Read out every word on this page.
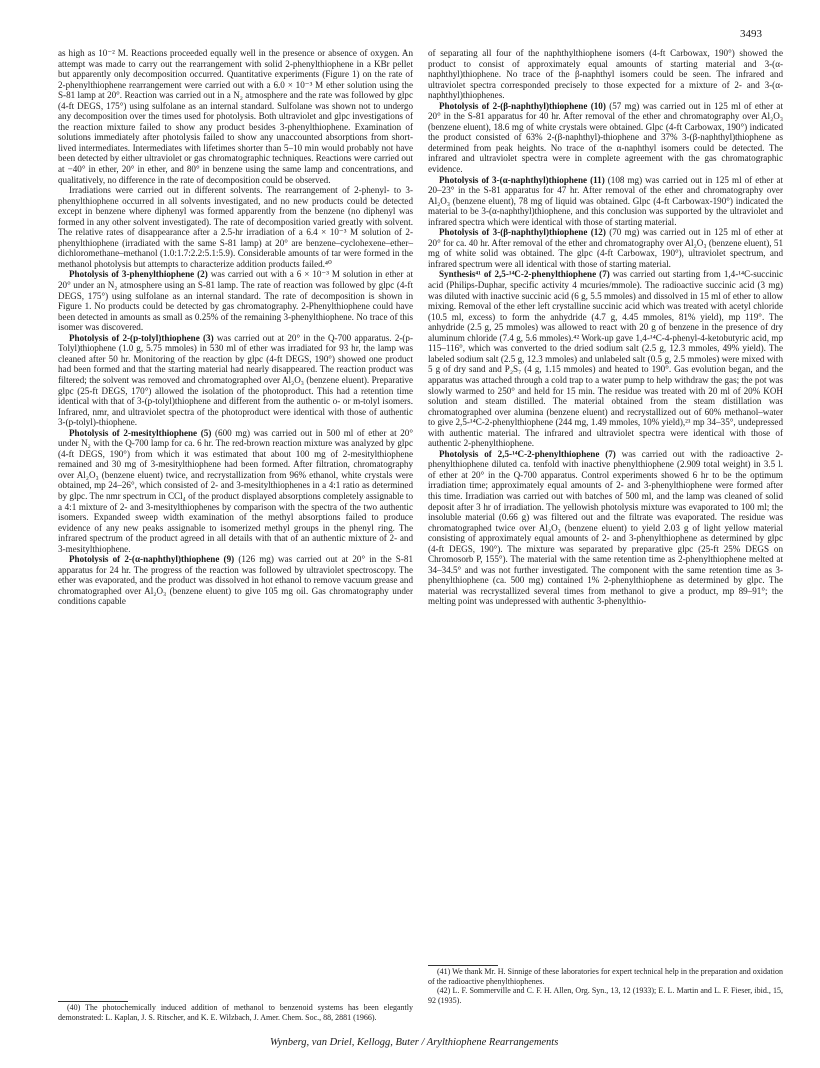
3493

as high as 10⁻² M. Reactions proceeded equally well in the presence or absence of oxygen. An attempt was made to carry out the rearrangement with solid 2-phenylthiophene in a KBr pellet but apparently only decomposition occurred. Quantitative experiments (Figure 1) on the rate of 2-phenylthiophene rearrangement were carried out with a 6.0 × 10⁻³ M ether solution using the S-81 lamp at 20°. Reaction was carried out in a N₂ atmosphere and the rate was followed by glpc (4-ft DEGS, 175°) using sulfolane as an internal standard. Sulfolane was shown not to undergo any decomposition over the times used for photolysis. Both ultraviolet and glpc investigations of the reaction mixture failed to show any product besides 3-phenylthiophene. Examination of solutions immediately after photolysis failed to show any unaccounted absorptions from short-lived intermediates. Intermediates with lifetimes shorter than 5–10 min would probably not have been detected by either ultraviolet or gas chromatographic techniques. Reactions were carried out at −40° in ether, 20° in ether, and 80° in benzene using the same lamp and concentrations, and qualitatively, no difference in the rate of decomposition could be observed.

Irradiations were carried out in different solvents. The rearrangement of 2-phenyl- to 3-phenylthiophene occurred in all solvents investigated, and no new products could be detected except in benzene where diphenyl was formed apparently from the benzene (no diphenyl was formed in any other solvent investigated). The rate of decomposition varied greatly with solvent. The relative rates of disappearance after a 2.5-hr irradiation of a 6.4 × 10⁻³ M solution of 2-phenylthiophene (irradiated with the same S-81 lamp) at 20° are benzene–cyclohexene–ether–dichloromethane–methanol (1.0:1.7:2.2:5.1:5.9). Considerable amounts of tar were formed in the methanol photolysis but attempts to characterize addition products failed.⁴⁰

Photolysis of 3-phenylthiophene (2) was carried out with a 6 × 10⁻³ M solution in ether at 20° under an N₂ atmosphere using an S-81 lamp. The rate of reaction was followed by glpc (4-ft DEGS, 175°) using sulfolane as an internal standard. The rate of decomposition is shown in Figure 1. No products could be detected by gas chromatography. 2-Phenylthiophene could have been detected in amounts as small as 0.25% of the remaining 3-phenylthiophene. No trace of this isomer was discovered.

Photolysis of 2-(p-tolyl)thiophene (3) was carried out at 20° in the Q-700 apparatus. 2-(p-Tolyl)thiophene (1.0 g, 5.75 mmoles) in 530 ml of ether was irradiated for 93 hr, the lamp was cleaned after 50 hr. Monitoring of the reaction by glpc (4-ft DEGS, 190°) showed one product had been formed and that the starting material had nearly disappeared. The reaction product was filtered; the solvent was removed and chromatographed over Al₂O₃ (benzene eluent). Preparative glpc (25-ft DEGS, 170°) allowed the isolation of the photoproduct. This had a retention time identical with that of 3-(p-tolyl)thiophene and different from the authentic o- or m-tolyl isomers. Infrared, nmr, and ultraviolet spectra of the photoproduct were identical with those of authentic 3-(p-tolyl)-thiophene.

Photolysis of 2-mesitylthiophene (5) (600 mg) was carried out in 500 ml of ether at 20° under N₂ with the Q-700 lamp for ca. 6 hr. The red-brown reaction mixture was analyzed by glpc (4-ft DEGS, 190°) from which it was estimated that about 100 mg of 2-mesitylthiophene remained and 30 mg of 3-mesitylthiophene had been formed. After filtration, chromatography over Al₂O₃ (benzene eluent) twice, and recrystallization from 96% ethanol, white crystals were obtained, mp 24–26°, which consisted of 2- and 3-mesitylthiophenes in a 4:1 ratio as determined by glpc. The nmr spectrum in CCl₄ of the product displayed absorptions completely assignable to a 4:1 mixture of 2- and 3-mesitylthiophenes by comparison with the spectra of the two authentic isomers. Expanded sweep width examination of the methyl absorptions failed to produce evidence of any new peaks assignable to isomerized methyl groups in the phenyl ring. The infrared spectrum of the product agreed in all details with that of an authentic mixture of 2- and 3-mesitylthiophene.

Photolysis of 2-(α-naphthyl)thiophene (9) (126 mg) was carried out at 20° in the S-81 apparatus for 24 hr. The progress of the reaction was followed by ultraviolet spectroscopy. The ether was evaporated, and the product was dissolved in hot ethanol to remove vacuum grease and chromatographed over Al₂O₃ (benzene eluent) to give 105 mg oil. Gas chromatography under conditions capable

of separating all four of the naphthylthiophene isomers (4-ft Carbowax, 190°) showed the product to consist of approximately equal amounts of starting material and 3-(α-naphthyl)thiophene. No trace of the β-naphthyl isomers could be seen. The infrared and ultraviolet spectra corresponded precisely to those expected for a mixture of 2- and 3-(α-naphthyl)thiophenes.

Photolysis of 2-(β-naphthyl)thiophene (10) (57 mg) was carried out in 125 ml of ether at 20° in the S-81 apparatus for 40 hr. After removal of the ether and chromatography over Al₂O₃ (benzene eluent), 18.6 mg of white crystals were obtained. Glpc (4-ft Carbowax, 190°) indicated the product consisted of 63% 2-(β-naphthyl)-thiophene and 37% 3-(β-naphthyl)thiophene as determined from peak heights. No trace of the α-naphthyl isomers could be detected. The infrared and ultraviolet spectra were in complete agreement with the gas chromatographic evidence.

Photolysis of 3-(α-naphthyl)thiophene (11) (108 mg) was carried out in 125 ml of ether at 20–23° in the S-81 apparatus for 47 hr. After removal of the ether and chromatography over Al₂O₃ (benzene eluent), 78 mg of liquid was obtained. Glpc (4-ft Carbowax-190°) indicated the material to be 3-(α-naphthyl)thiophene, and this conclusion was supported by the ultraviolet and infrared spectra which were identical with those of starting material.

Photolysis of 3-(β-naphthyl)thiophene (12) (70 mg) was carried out in 125 ml of ether at 20° for ca. 40 hr. After removal of the ether and chromatography over Al₂O₃ (benzene eluent), 51 mg of white solid was obtained. The glpc (4-ft Carbowax, 190°), ultraviolet spectrum, and infrared spectrum were all identical with those of starting material.

Synthesis⁴¹ of 2,5-¹⁴C-2-phenylthiophene (7) was carried out starting from 1,4-¹⁴C-succinic acid (Philips-Duphar, specific activity 4 mcuries/mmole). The radioactive succinic acid (3 mg) was diluted with inactive succinic acid (6 g, 5.5 mmoles) and dissolved in 15 ml of ether to allow mixing. Removal of the ether left crystalline succinic acid which was treated with acetyl chloride (10.5 ml, excess) to form the anhydride (4.7 g, 4.45 mmoles, 81% yield), mp 119°. The anhydride (2.5 g, 25 mmoles) was allowed to react with 20 g of benzene in the presence of dry aluminum chloride (7.4 g, 5.6 mmoles).⁴² Work-up gave 1,4-¹⁴C-4-phenyl-4-ketobutyric acid, mp 115–116°, which was converted to the dried sodium salt (2.5 g, 12.3 mmoles, 49% yield). The labeled sodium salt (2.5 g, 12.3 mmoles) and unlabeled salt (0.5 g, 2.5 mmoles) were mixed with 5 g of dry sand and P₂S₇ (4 g, 1.15 mmoles) and heated to 190°. Gas evolution began, and the apparatus was attached through a cold trap to a water pump to help withdraw the gas; the pot was slowly warmed to 250° and held for 15 min. The residue was treated with 20 ml of 20% KOH solution and steam distilled. The material obtained from the steam distillation was chromatographed over alumina (benzene eluent) and recrystallized out of 60% methanol–water to give 2,5-¹⁴C-2-phenylthiophene (244 mg, 1.49 mmoles, 10% yield),²¹ mp 34–35°, undepressed with authentic material. The infrared and ultraviolet spectra were identical with those of authentic 2-phenylthiophene.

Photolysis of 2,5-¹⁴C-2-phenylthiophene (7) was carried out with the radioactive 2-phenylthiophene diluted ca. tenfold with inactive phenylthiophene (2.909 total weight) in 3.5 l. of ether at 20° in the Q-700 apparatus. Control experiments showed 6 hr to be the optimum irradiation time; approximately equal amounts of 2- and 3-phenylthiophene were formed after this time. Irradiation was carried out with batches of 500 ml, and the lamp was cleaned of solid deposit after 3 hr of irradiation. The yellowish photolysis mixture was evaporated to 100 ml; the insoluble material (0.66 g) was filtered out and the filtrate was evaporated. The residue was chromatographed twice over Al₂O₃ (benzene eluent) to yield 2.03 g of light yellow material consisting of approximately equal amounts of 2- and 3-phenylthiophene as determined by glpc (4-ft DEGS, 190°). The mixture was separated by preparative glpc (25-ft 25% DEGS on Chromosorb P, 155°). The material with the same retention time as 2-phenylthiophene melted at 34–34.5° and was not further investigated. The component with the same retention time as 3-phenylthiophene (ca. 500 mg) contained 1% 2-phenylthiophene as determined by glpc. The material was recrystallized several times from methanol to give a product, mp 89–91°; the melting point was undepressed with authentic 3-phenylthio-

(40) The photochemically induced addition of methanol to benzenoid systems has been elegantly demonstrated: L. Kaplan, J. S. Ritscher, and K. E. Wilzbach, J. Amer. Chem. Soc., 88, 2881 (1966).

(41) We thank Mr. H. Sinnige of these laboratories for expert technical help in the preparation and oxidation of the radioactive phenylthiophenes.

(42) L. F. Sommerville and C. F. H. Allen, Org. Syn., 13, 12 (1933); E. L. Martin and L. F. Fieser, ibid., 15, 92 (1935).

Wynberg, van Driel, Kellogg, Buter / Arylthiophene Rearrangements
